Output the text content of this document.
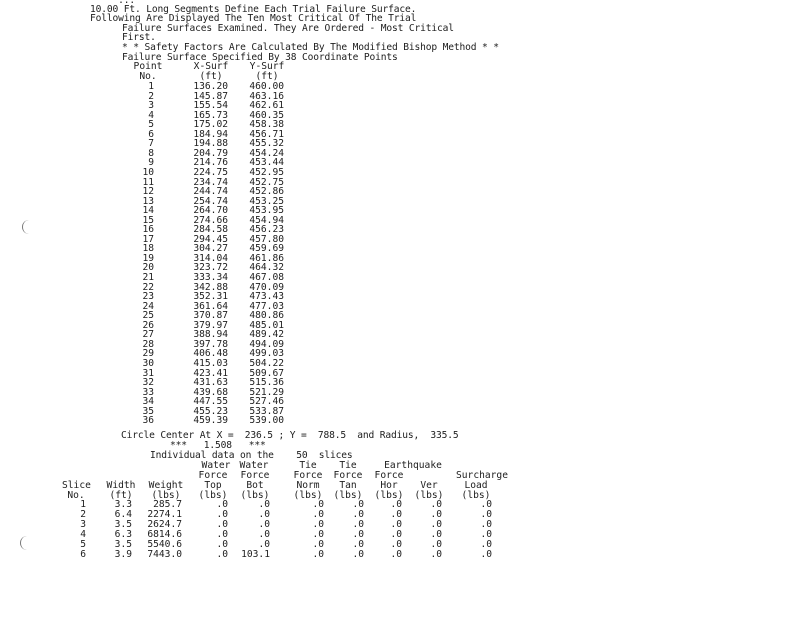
...
10.00 Ft. Long Segments Define Each Trial Failure Surface.
Following Are Displayed The Ten Most Critical Of The Trial
Failure Surfaces Examined. They Are Ordered - Most Critical
First.
* * Safety Factors Are Calculated By The Modified Bishop Method * *
Failure Surface Specified By 38 Coordinate Points
Point
No.
X-Surf
(ft)
Y-Surf
(ft)
1	136.20	460.00
2	145.87	463.16
3	155.54	462.61
4	165.73	460.35
5	175.02	458.38
6	184.94	456.71
7	194.88	455.32
8	204.79	454.24
9	214.76	453.44
10	224.75	452.95
11	234.74	452.75
12	244.74	452.86
13	254.74	453.25
14	264.70	453.95
15	274.66	454.94
16	284.58	456.23
17	294.45	457.80
18	304.27	459.69
19	314.04	461.86
20	323.72	464.32
21	333.34	467.08
22	342.88	470.09
23	352.31	473.43
24	361.64	477.03
25	370.87	480.86
26	379.97	485.01
27	388.94	489.42
28	397.78	494.09
29	406.48	499.03
30	415.03	504.22
31	423.41	509.67
32	431.63	515.36
33	439.68	521.29
34	447.55	527.46
35	455.23	533.87
36	459.39	539.00
Circle Center At X =  236.5 ; Y =  788.5  and Radius,  335.5
***   1.508   ***
Individual data on the    50  slices
Water Water	Tie	Tie	Earthquake
Force	Force	Force	Force	Force	Surcharge
Slice Width Weight	Top	Bot	Norm	Tan	Hor	Ver	Load
No.	(ft)	(lbs)	(lbs)	(lbs)	(lbs)	(lbs)	(lbs) (lbs)	(lbs)
1	3.3	285.7	.0	.0	.0	.0	.0	.0	.0
2	6.4 2274.1	.0	.0	.0	.0	.0	.0	.0
3	3.5 2624.7	.0	.0	.0	.0	.0	.0	.0
4	6.3 6814.6	.0	.0	.0	.0	.0	.0	.0
5	3.5 5540.6	.0	.0	.0	.0	.0	.0	.0
6	3.9 7443.0	.0	103.1	.0	.0	.0	.0	.0
